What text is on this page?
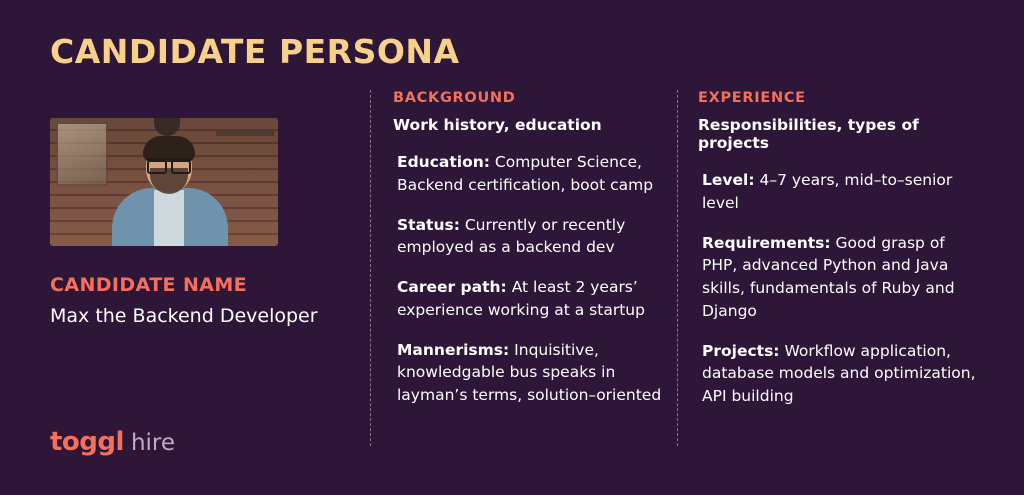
CANDIDATE PERSONA
CANDIDATE NAME
Max the Backend Developer
toggl hire
BACKGROUND
Work history, education
Education: Computer Science, Backend certification, boot camp
Status: Currently or recently employed as a backend dev
Career path: At least 2 years’ experience working at a startup
Mannerisms: Inquisitive, knowledgable bus speaks in layman’s terms, solution–oriented
EXPERIENCE
Responsibilities, types of projects
Level: 4–7 years, mid–to–senior level
Requirements: Good grasp of PHP, advanced Python and Java skills, fundamentals of Ruby and Django
Projects: Workflow application, database models and optimization, API building
